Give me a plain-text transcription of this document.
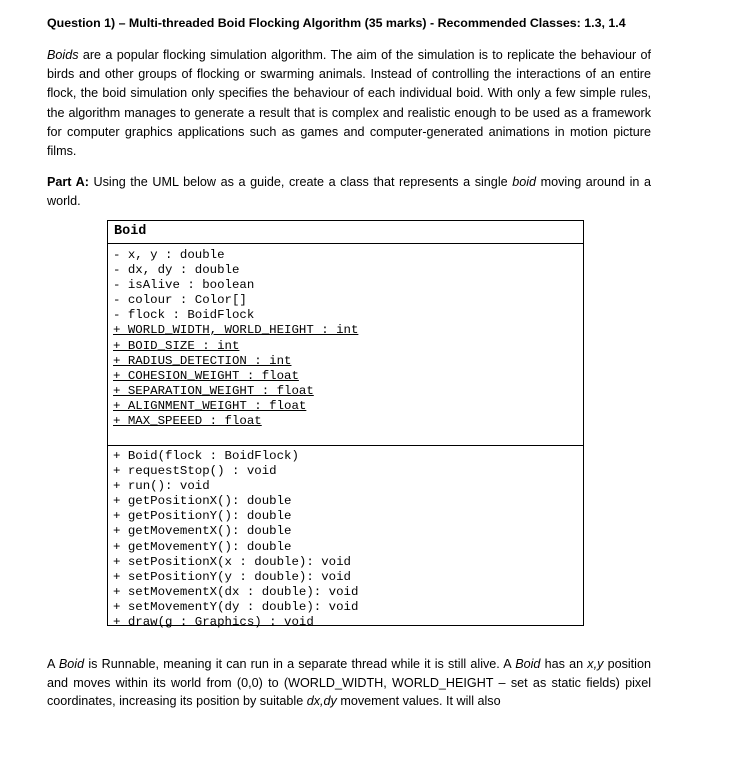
Question 1) – Multi-threaded Boid Flocking Algorithm (35 marks) - Recommended Classes: 1.3, 1.4
Boids are a popular flocking simulation algorithm. The aim of the simulation is to replicate the behaviour of birds and other groups of flocking or swarming animals. Instead of controlling the interactions of an entire flock, the boid simulation only specifies the behaviour of each individual boid. With only a few simple rules, the algorithm manages to generate a result that is complex and realistic enough to be used as a framework for computer graphics applications such as games and computer-generated animations in motion picture films.
Part A: Using the UML below as a guide, create a class that represents a single boid moving around in a world.
Boid
- x, y : double
- dx, dy : double
- isAlive : boolean
- colour : Color[]
- flock : BoidFlock
+ WORLD_WIDTH, WORLD_HEIGHT : int
+ BOID_SIZE : int
+ RADIUS_DETECTION : int
+ COHESION_WEIGHT : float
+ SEPARATION_WEIGHT : float
+ ALIGNMENT_WEIGHT : float
+ MAX_SPEEED : float
+ Boid(flock : BoidFlock)
+ requestStop() : void
+ run(): void
+ getPositionX(): double
+ getPositionY(): double
+ getMovementX(): double
+ getMovementY(): double
+ setPositionX(x : double): void
+ setPositionY(y : double): void
+ setMovementX(dx : double): void
+ setMovementY(dy : double): void
+ draw(g : Graphics) : void
A Boid is Runnable, meaning it can run in a separate thread while it is still alive. A Boid has an x,y position and moves within its world from (0,0) to (WORLD_WIDTH, WORLD_HEIGHT – set as static fields) pixel coordinates, increasing its position by suitable dx,dy movement values. It will also
